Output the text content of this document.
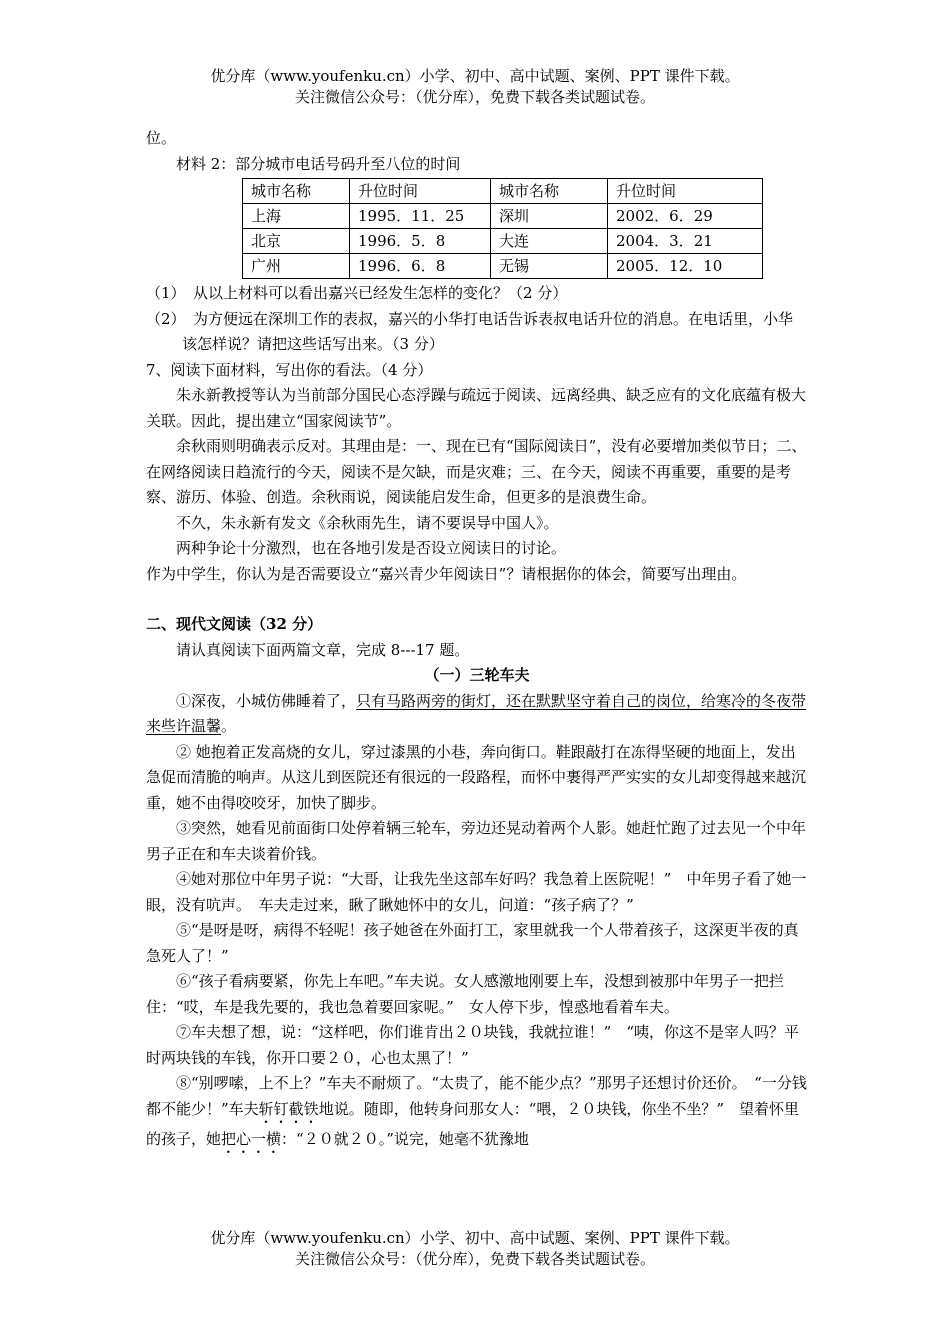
优分库（www.youfenku.cn）小学、初中、高中试题、案例、PPT 课件下载。
关注微信公众号：（优分库），免费下载各类试题试卷。

位。

材料 2：部分城市电话号码升至八位的时间

城市名称	升位时间	城市名称	升位时间
上海	1995．11．25	深圳	2002．6．29
北京	1996．5．8	大连	2004．3．21
广州	1996．6．8	无锡	2005．12．10

（1）　从以上材料可以看出嘉兴已经发生怎样的变化？（2 分）

（2）　为方便远在深圳工作的表叔，嘉兴的小华打电话告诉表叔电话升位的消息。在电话里，小华该怎样说？请把这些话写出来。（3 分）

7、阅读下面材料，写出你的看法。（4 分）

朱永新教授等认为当前部分国民心态浮躁与疏远于阅读、远离经典、缺乏应有的文化底蕴有极大关联。因此，提出建立“国家阅读节”。

余秋雨则明确表示反对。其理由是：一、现在已有“国际阅读日”，没有必要增加类似节日；二、在网络阅读日趋流行的今天，阅读不是欠缺，而是灾难；三、在今天，阅读不再重要，重要的是考察、游历、体验、创造。余秋雨说，阅读能启发生命，但更多的是浪费生命。

不久，朱永新有发文《余秋雨先生，请不要误导中国人》。

两种争论十分激烈，也在各地引发是否设立阅读日的讨论。

作为中学生，你认为是否需要设立“嘉兴青少年阅读日”？请根据你的体会，简要写出理由。

二、现代文阅读（32 分）

请认真阅读下面两篇文章，完成 8---17 题。

（一）三轮车夫

①深夜，小城仿佛睡着了，只有马路两旁的街灯，还在默默坚守着自己的岗位，给寒冷的冬夜带来些许温馨。

② 她抱着正发高烧的女儿，穿过漆黑的小巷，奔向街口。鞋跟敲打在冻得坚硬的地面上，发出急促而清脆的响声。从这儿到医院还有很远的一段路程，而怀中裹得严严实实的女儿却变得越来越沉重，她不由得咬咬牙，加快了脚步。

③突然，她看见前面街口处停着辆三轮车，旁边还晃动着两个人影。她赶忙跑了过去见一个中年男子正在和车夫谈着价钱。

④她对那位中年男子说：“大哥，让我先坐这部车好吗？我急着上医院呢！”　中年男子看了她一眼，没有吭声。　车夫走过来，瞅了瞅她怀中的女儿，问道：“孩子病了？”

⑤“是呀是呀，病得不轻呢！孩子她爸在外面打工，家里就我一个人带着孩子，这深更半夜的真急死人了！”

⑥“孩子看病要紧，你先上车吧。”车夫说。女人感激地刚要上车，没想到被那中年男子一把拦住：“哎，车是我先要的，我也急着要回家呢。”　女人停下步，惶惑地看着车夫。

⑦车夫想了想，说：“这样吧，你们谁肯出２０块钱，我就拉谁！”　“咦，你这不是宰人吗？平时两块钱的车钱，你开口要２０，心也太黑了！”

⑧“别啰嗦，上不上？”车夫不耐烦了。“太贵了，能不能少点？”那男子还想讨价还价。　“一分钱都不能少！”车夫斩钉截铁地说。随即，他转身问那女人：“喂，２０块钱，你坐不坐？”　望着怀里的孩子，她把心一横：“２０就２０。”说完，她毫不犹豫地

优分库（www.youfenku.cn）小学、初中、高中试题、案例、PPT 课件下载。
关注微信公众号：（优分库），免费下载各类试题试卷。
